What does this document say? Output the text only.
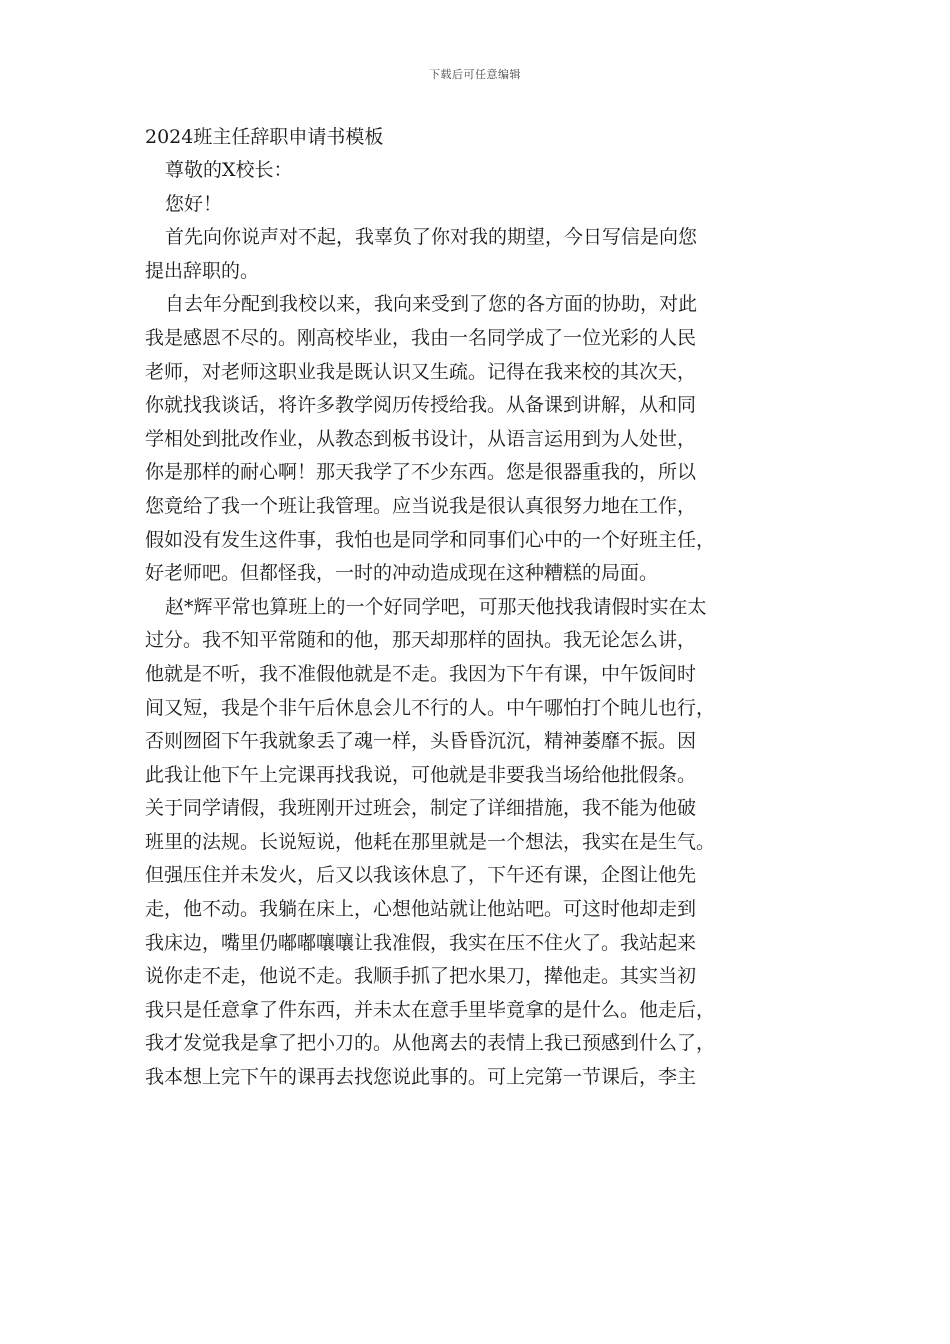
下载后可任意编辑

2024班主任辞职申请书模板

尊敬的X校长：

您好！

首先向你说声对不起，我辜负了你对我的期望，今日写信是向您

提出辞职的。

自去年分配到我校以来，我向来受到了您的各方面的协助，对此

我是感恩不尽的。刚高校毕业，我由一名同学成了一位光彩的人民

老师，对老师这职业我是既认识又生疏。记得在我来校的其次天，

你就找我谈话，将许多教学阅历传授给我。从备课到讲解，从和同

学相处到批改作业，从教态到板书设计，从语言运用到为人处世，

你是那样的耐心啊！那天我学了不少东西。您是很器重我的，所以

您竟给了我一个班让我管理。应当说我是很认真很努力地在工作，

假如没有发生这件事，我怕也是同学和同事们心中的一个好班主任，

好老师吧。但都怪我，一时的冲动造成现在这种糟糕的局面。

赵*辉平常也算班上的一个好同学吧，可那天他找我请假时实在太

过分。我不知平常随和的他，那天却那样的固执。我无论怎么讲，

他就是不听，我不准假他就是不走。我因为下午有课，中午饭间时

间又短，我是个非午后休息会儿不行的人。中午哪怕打个盹儿也行，

否则囫囵下午我就象丢了魂一样，头昏昏沉沉，精神萎靡不振。因

此我让他下午上完课再找我说，可他就是非要我当场给他批假条。

关于同学请假，我班刚开过班会，制定了详细措施，我不能为他破

班里的法规。长说短说，他耗在那里就是一个想法，我实在是生气。

但强压住并未发火，后又以我该休息了，下午还有课，企图让他先

走，他不动。我躺在床上，心想他站就让他站吧。可这时他却走到

我床边，嘴里仍嘟嘟嚷嚷让我准假，我实在压不住火了。我站起来

说你走不走，他说不走。我顺手抓了把水果刀，撵他走。其实当初

我只是任意拿了件东西，并未太在意手里毕竟拿的是什么。他走后，

我才发觉我是拿了把小刀的。从他离去的表情上我已预感到什么了，

我本想上完下午的课再去找您说此事的。可上完第一节课后，李主
